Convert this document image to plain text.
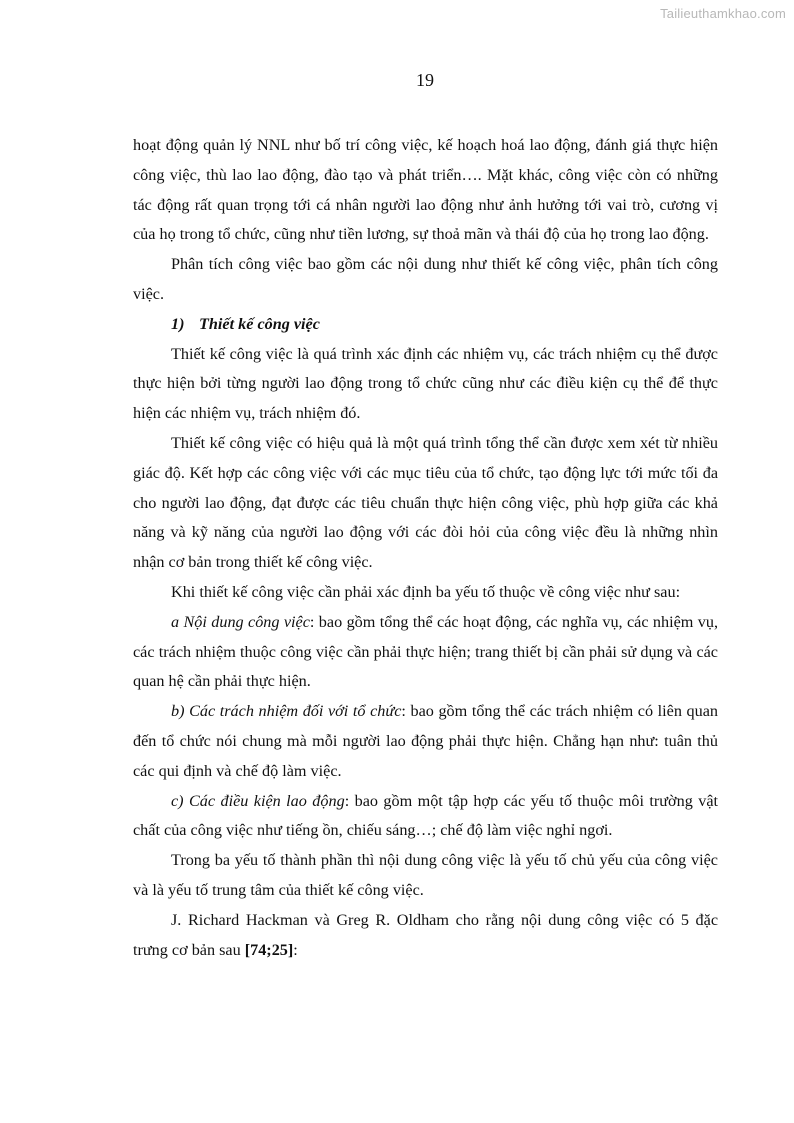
Tailieuthamkhao.com
19

hoạt động quản lý NNL như bố trí công việc, kế hoạch hoá lao động, đánh giá thực hiện công việc, thù lao lao động, đào tạo và phát triển…. Mặt khác, công việc còn có những tác động rất quan trọng tới cá nhân người lao động như ảnh hưởng tới vai trò, cương vị của họ trong tổ chức, cũng như tiền lương, sự thoả mãn và thái độ của họ trong lao động.

Phân tích công việc bao gồm các nội dung như thiết kế công việc, phân tích công việc.

1) Thiết kế công việc

Thiết kế công việc là quá trình xác định các nhiệm vụ, các trách nhiệm cụ thể được thực hiện bởi từng người lao động trong tổ chức cũng như các điều kiện cụ thể để thực hiện các nhiệm vụ, trách nhiệm đó.

Thiết kế công việc có hiệu quả là một quá trình tổng thể cần được xem xét từ nhiều giác độ. Kết hợp các công việc với các mục tiêu của tổ chức, tạo động lực tới mức tối đa cho người lao động, đạt được các tiêu chuẩn thực hiện công việc, phù hợp giữa các khả năng và kỹ năng của người lao động với các đòi hỏi của công việc đều là những nhìn nhận cơ bản trong thiết kế công việc.

Khi thiết kế công việc cần phải xác định ba yếu tố thuộc về công việc như sau:

a Nội dung công việc: bao gồm tổng thể các hoạt động, các nghĩa vụ, các nhiệm vụ, các trách nhiệm thuộc công việc cần phải thực hiện; trang thiết bị cần phải sử dụng và các quan hệ cần phải thực hiện.

b) Các trách nhiệm đối với tổ chức: bao gồm tổng thể các trách nhiệm có liên quan đến tổ chức nói chung mà mỗi người lao động phải thực hiện. Chẳng hạn như: tuân thủ các qui định và chế độ làm việc.

c) Các điều kiện lao động: bao gồm một tập hợp các yếu tố thuộc môi trường vật chất của công việc như tiếng ồn, chiếu sáng…; chế độ làm việc nghỉ ngơi.

Trong ba yếu tố thành phần thì nội dung công việc là yếu tố chủ yếu của công việc và là yếu tố trung tâm của thiết kế công việc.

J. Richard Hackman và Greg R. Oldham cho rằng nội dung công việc có 5 đặc trưng cơ bản sau [74;25]:
